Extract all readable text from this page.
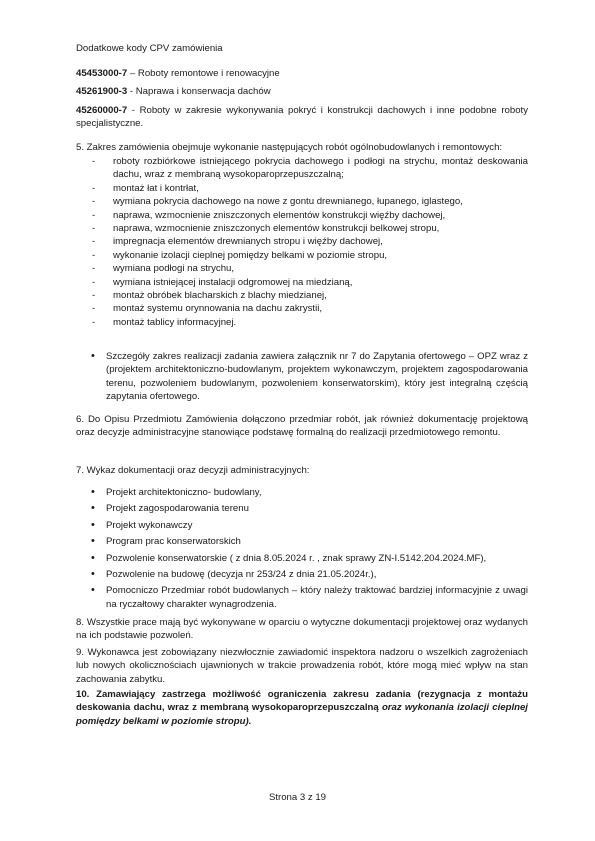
Dodatkowe kody CPV zamówienia

45453000-7 – Roboty remontowe i renowacyjne

45261900-3 - Naprawa i konserwacja dachów

45260000-7 - Roboty w zakresie wykonywania pokryć i konstrukcji dachowych i inne podobne roboty specjalistyczne.

5. Zakres zamówienia obejmuje wykonanie następujących robót ogólnobudowlanych i remontowych:

- roboty rozbiórkowe istniejącego pokrycia dachowego i podłogi na strychu, montaż deskowania dachu, wraz z membraną wysokoparoprzepuszczalną;
- montaż łat i kontrłat,
- wymiana pokrycia dachowego na nowe z gontu drewnianego, łupanego, iglastego,
- naprawa, wzmocnienie zniszczonych elementów konstrukcji więźby dachowej,
- naprawa, wzmocnienie zniszczonych elementów konstrukcji belkowej stropu,
- impregnacja elementów drewnianych stropu i więźby dachowej,
- wykonanie izolacji cieplnej pomiędzy belkami w poziomie stropu,
- wymiana podłogi na strychu,
- wymiana istniejącej instalacji odgromowej na miedzianą,
- montaż obróbek blacharskich z blachy miedzianej,
- montaż systemu orynnowania na dachu zakrystii,
- montaż tablicy informacyjnej.
• Szczegóły zakres realizacji zadania zawiera załącznik nr 7 do Zapytania ofertowego – OPZ wraz z (projektem architektoniczno-budowlanym, projektem wykonawczym, projektem zagospodarowania terenu, pozwoleniem budowlanym, pozwoleniem konserwatorskim), który jest integralną częścią zapytania ofertowego.

6. Do Opisu Przedmiotu Zamówienia dołączono przedmiar robót, jak również dokumentację projektową oraz decyzje administracyjne stanowiące podstawę formalną do realizacji przedmiotowego remontu.

7. Wykaz dokumentacji oraz decyzji administracyjnych:

• Projekt architektoniczno- budowlany,
• Projekt zagospodarowania terenu
• Projekt wykonawczy
• Program prac konserwatorskich
• Pozwolenie konserwatorskie ( z dnia 8.05.2024 r. , znak sprawy ZN-I.5142.204.2024.MF),
• Pozwolenie na budowę (decyzja nr 253/24 z dnia 21.05.2024r.),
• Pomocniczo Przedmiar robót budowlanych – który należy traktować bardziej informacyjnie z uwagi na ryczałtowy charakter wynagrodzenia.

8. Wszystkie prace mają być wykonywane w oparciu o wytyczne dokumentacji projektowej oraz wydanych na ich podstawie pozwoleń.

9. Wykonawca jest zobowiązany niezwłocznie zawiadomić inspektora nadzoru o wszelkich zagrożeniach lub nowych okolicznościach ujawnionych w trakcie prowadzenia robót, które mogą mieć wpływ na stan zachowania zabytku.

10. Zamawiający zastrzega możliwość ograniczenia zakresu zadania (rezygnacja z montażu deskowania dachu, wraz z membraną wysokoparoprzepuszczalną oraz wykonania izolacji cieplnej pomiędzy belkami w poziomie stropu).

Strona 3 z 19
